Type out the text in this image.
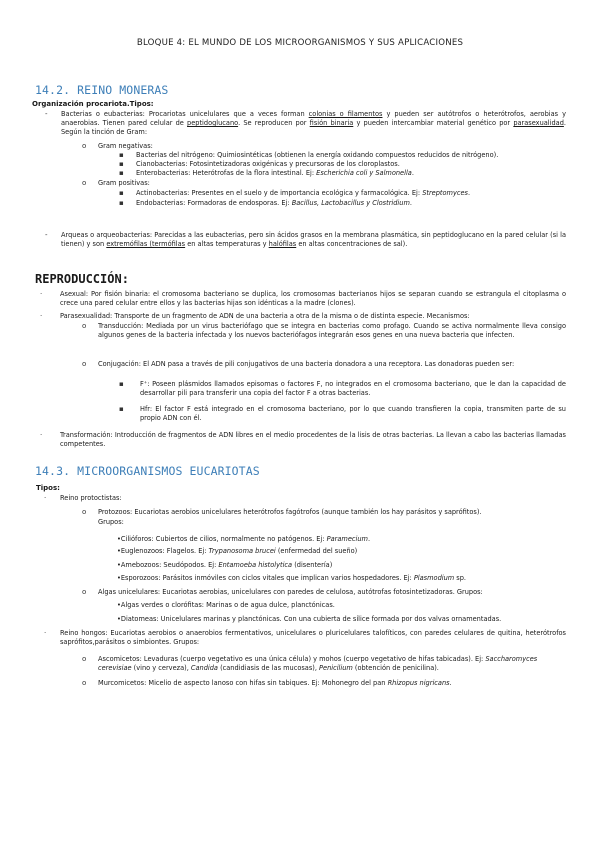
BLOQUE 4: EL MUNDO DE LOS MICROORGANISMOS Y SUS APLICACIONES
14.2. REINO MONERAS
Organización procariota.Tipos:
- Bacterias o eubacterias: Procariotas unicelulares que a veces forman colonias o filamentos y pueden ser autótrofos o heterótrofos, aerobias y anaerobias. Tienen pared celular de peptidoglucano. Se reproducen por fisión binaria y pueden intercambiar material genético por parasexualidad. Según la tinción de Gram:
o Gram negativas:
▪ Bacterias del nitrógeno: Quimiosintéticas (obtienen la energía oxidando compuestos reducidos de nitrógeno).
▪ Cianobacterias: Fotosintetizadoras oxigénicas y precursoras de los cloroplastos.
▪ Enterobacterias: Heterótrofas de la flora intestinal. Ej: Escherichia coli y Salmonella.
o Gram positivas:
▪ Actinobacterias: Presentes en el suelo y de importancia ecológica y farmacológica. Ej: Streptomyces.
▪ Endobacterias: Formadoras de endosporas. Ej: Bacillus, Lactobacillus y Clostridium.
- Arqueas o arqueobacterias: Parecidas a las eubacterias, pero sin ácidos grasos en la membrana plasmática, sin peptidoglucano en la pared celular (si la tienen) y son extremófilas (termófilas en altas temperaturas y halófilas en altas concentraciones de sal).
REPRODUCCIÓN:
·	Asexual: Por fisión binaria: el cromosoma bacteriano se duplica, los cromosomas bacterianos hijos se separan cuando se estrangula el citoplasma o crece una pared celular entre ellos y las bacterias hijas son idénticas a la madre (clones).
·	Parasexualidad: Transporte de un fragmento de ADN de una bacteria a otra de la misma o de distinta especie. Mecanismos:
o Transducción: Mediada por un virus bacteriófago que se integra en bacterias como profago. Cuando se activa normalmente lleva consigo algunos genes de la bacteria infectada y los nuevos bacteriófagos integrarán esos genes en una nueva bacteria que infecten.
o Conjugación: El ADN pasa a través de pili conjugativos de una bacteria donadora a una receptora. Las donadoras pueden ser:
▪ F⁺: Poseen plásmidos llamados episomas o factores F, no integrados en el cromosoma bacteriano, que le dan la capacidad de desarrollar pili para transferir una copia del factor F a otras bacterias.
▪ Hfr: El factor F está integrado en el cromosoma bacteriano, por lo que cuando transfieren la copia, transmiten parte de su propio ADN con él.
·	Transformación: Introducción de fragmentos de ADN libres en el medio procedentes de la lisis de otras bacterias. La llevan a cabo las bacterias llamadas competentes.
14.3. MICROORGANISMOS EUCARIOTAS
Tipos:
· Reino protoctistas:
o Protozoos: Eucariotas aerobios unicelulares heterótrofos fagótrofos (aunque también los hay parásitos y saprófitos).
Grupos:
•Cilióforos: Cubiertos de cilios, normalmente no patógenos. Ej: Paramecium.
•Euglenozoos: Flagelos. Ej: Trypanosoma brucei (enfermedad del sueño)
•Amebozoos: Seudópodos. Ej: Entamoeba histolytica (disentería)
•Esporozoos: Parásitos inmóviles con ciclos vitales que implican varios hospedadores. Ej: Plasmodium sp.
o Algas unicelulares: Eucariotas aerobias, unicelulares con paredes de celulosa, autótrofas fotosintetizadoras. Grupos:
•Algas verdes o clorófitas: Marinas o de agua dulce, planctónicas.
•Diatomeas: Unicelulares marinas y planctónicas. Con una cubierta de sílice formada por dos valvas ornamentadas.
· Reino hongos: Eucariotas aerobios o anaerobios fermentativos, unicelulares o pluricelulares talofíticos, con paredes celulares de quitina, heterótrofos saprófitos,parásitos o simbiontes. Grupos:
o Ascomicetos: Levaduras (cuerpo vegetativo es una única célula) y mohos (cuerpo vegetativo de hifas tabicadas). Ej: Saccharomyces cerevisiae (vino y cerveza), Candida (candidiasis de las mucosas), Penicilium (obtención de penicilina).
o Murcomicetos: Micelio de aspecto lanoso con hifas sin tabiques. Ej: Mohonegro del pan Rhizopus nigricans.
